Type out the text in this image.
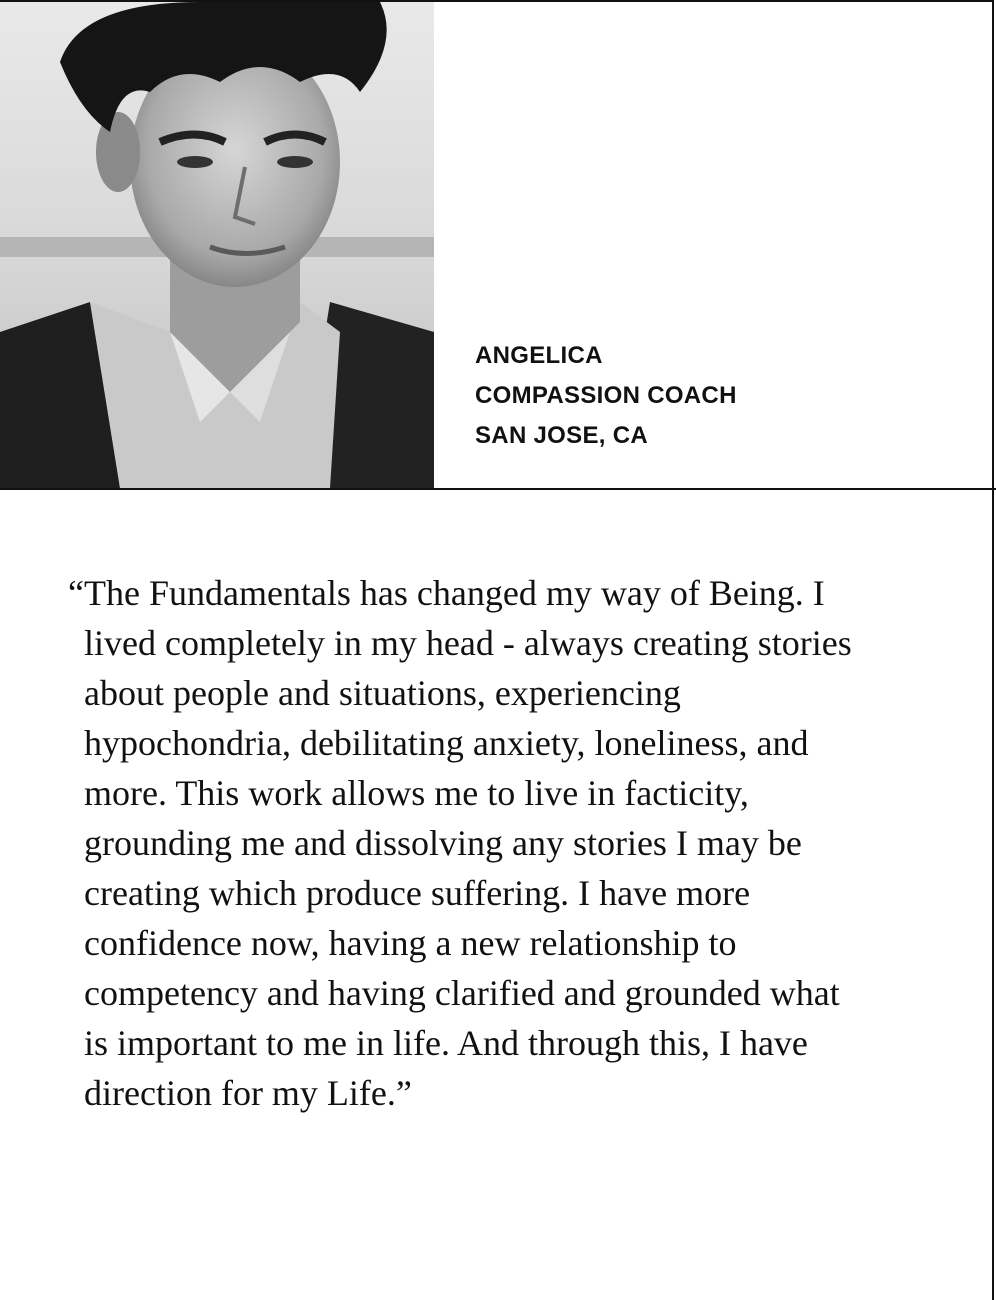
ANGELICA
COMPASSION COACH
SAN JOSE, CA
“The Fundamentals has changed my way of Being. I lived completely in my head - always creating stories about people and situations, experiencing hypochondria, debilitating anxiety, loneliness, and more. This work allows me to live in facticity, grounding me and dissolving any stories I may be creating which produce suffering. I have more confidence now, having a new relationship to competency and having clarified and grounded what is important to me in life. And through this, I have direction for my Life.”
